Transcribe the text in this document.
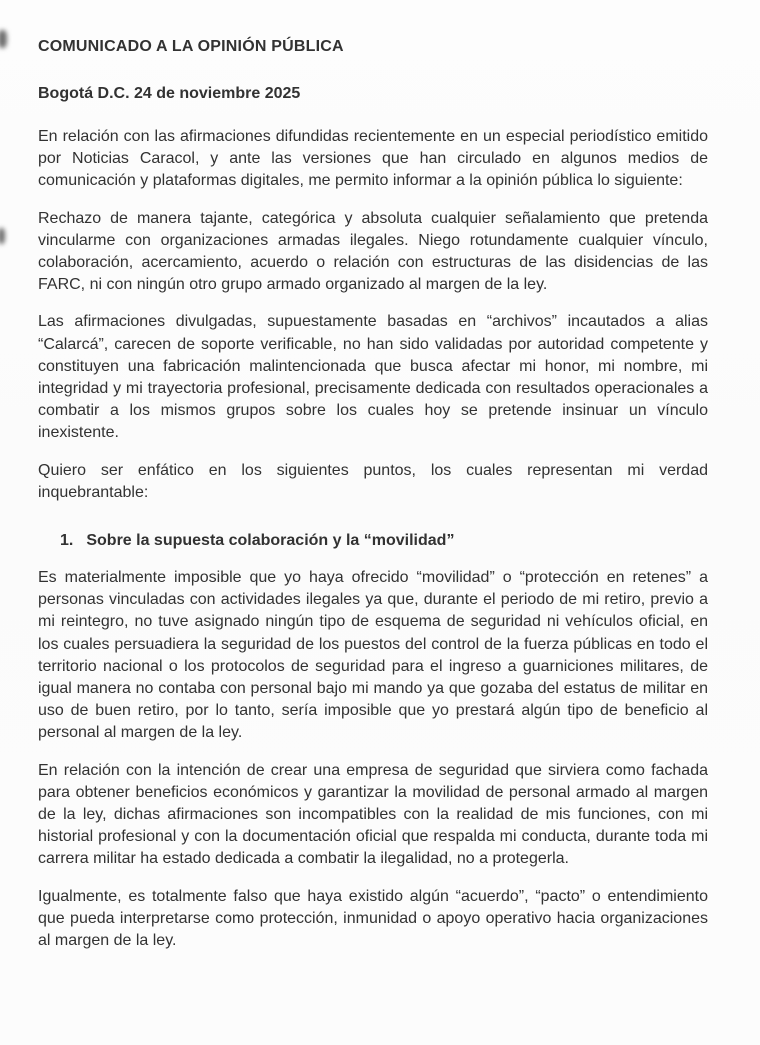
COMUNICADO A LA OPINIÓN PÚBLICA
Bogotá D.C. 24 de noviembre 2025

En relación con las afirmaciones difundidas recientemente en un especial periodístico emitido por Noticias Caracol, y ante las versiones que han circulado en algunos medios de comunicación y plataformas digitales, me permito informar a la opinión pública lo siguiente:

Rechazo de manera tajante, categórica y absoluta cualquier señalamiento que pretenda vincularme con organizaciones armadas ilegales. Niego rotundamente cualquier vínculo, colaboración, acercamiento, acuerdo o relación con estructuras de las disidencias de las FARC, ni con ningún otro grupo armado organizado al margen de la ley.

Las afirmaciones divulgadas, supuestamente basadas en “archivos” incautados a alias “Calarcá”, carecen de soporte verificable, no han sido validadas por autoridad competente y constituyen una fabricación malintencionada que busca afectar mi honor, mi nombre, mi integridad y mi trayectoria profesional, precisamente dedicada con resultados operacionales a combatir a los mismos grupos sobre los cuales hoy se pretende insinuar un vínculo inexistente.

Quiero ser enfático en los siguientes puntos, los cuales representan mi verdad inquebrantable:

1. Sobre la supuesta colaboración y la “movilidad”

Es materialmente imposible que yo haya ofrecido “movilidad” o “protección en retenes” a personas vinculadas con actividades ilegales ya que, durante el periodo de mi retiro, previo a mi reintegro, no tuve asignado ningún tipo de esquema de seguridad ni vehículos oficial, en los cuales persuadiera la seguridad de los puestos del control de la fuerza públicas en todo el territorio nacional o los protocolos de seguridad para el ingreso a guarniciones militares, de igual manera no contaba con personal bajo mi mando ya que gozaba del estatus de militar en uso de buen retiro, por lo tanto, sería imposible que yo prestará algún tipo de beneficio al personal al margen de la ley.

En relación con la intención de crear una empresa de seguridad que sirviera como fachada para obtener beneficios económicos y garantizar la movilidad de personal armado al margen de la ley, dichas afirmaciones son incompatibles con la realidad de mis funciones, con mi historial profesional y con la documentación oficial que respalda mi conducta, durante toda mi carrera militar ha estado dedicada a combatir la ilegalidad, no a protegerla.

Igualmente, es totalmente falso que haya existido algún “acuerdo”, “pacto” o entendimiento que pueda interpretarse como protección, inmunidad o apoyo operativo hacia organizaciones al margen de la ley.
